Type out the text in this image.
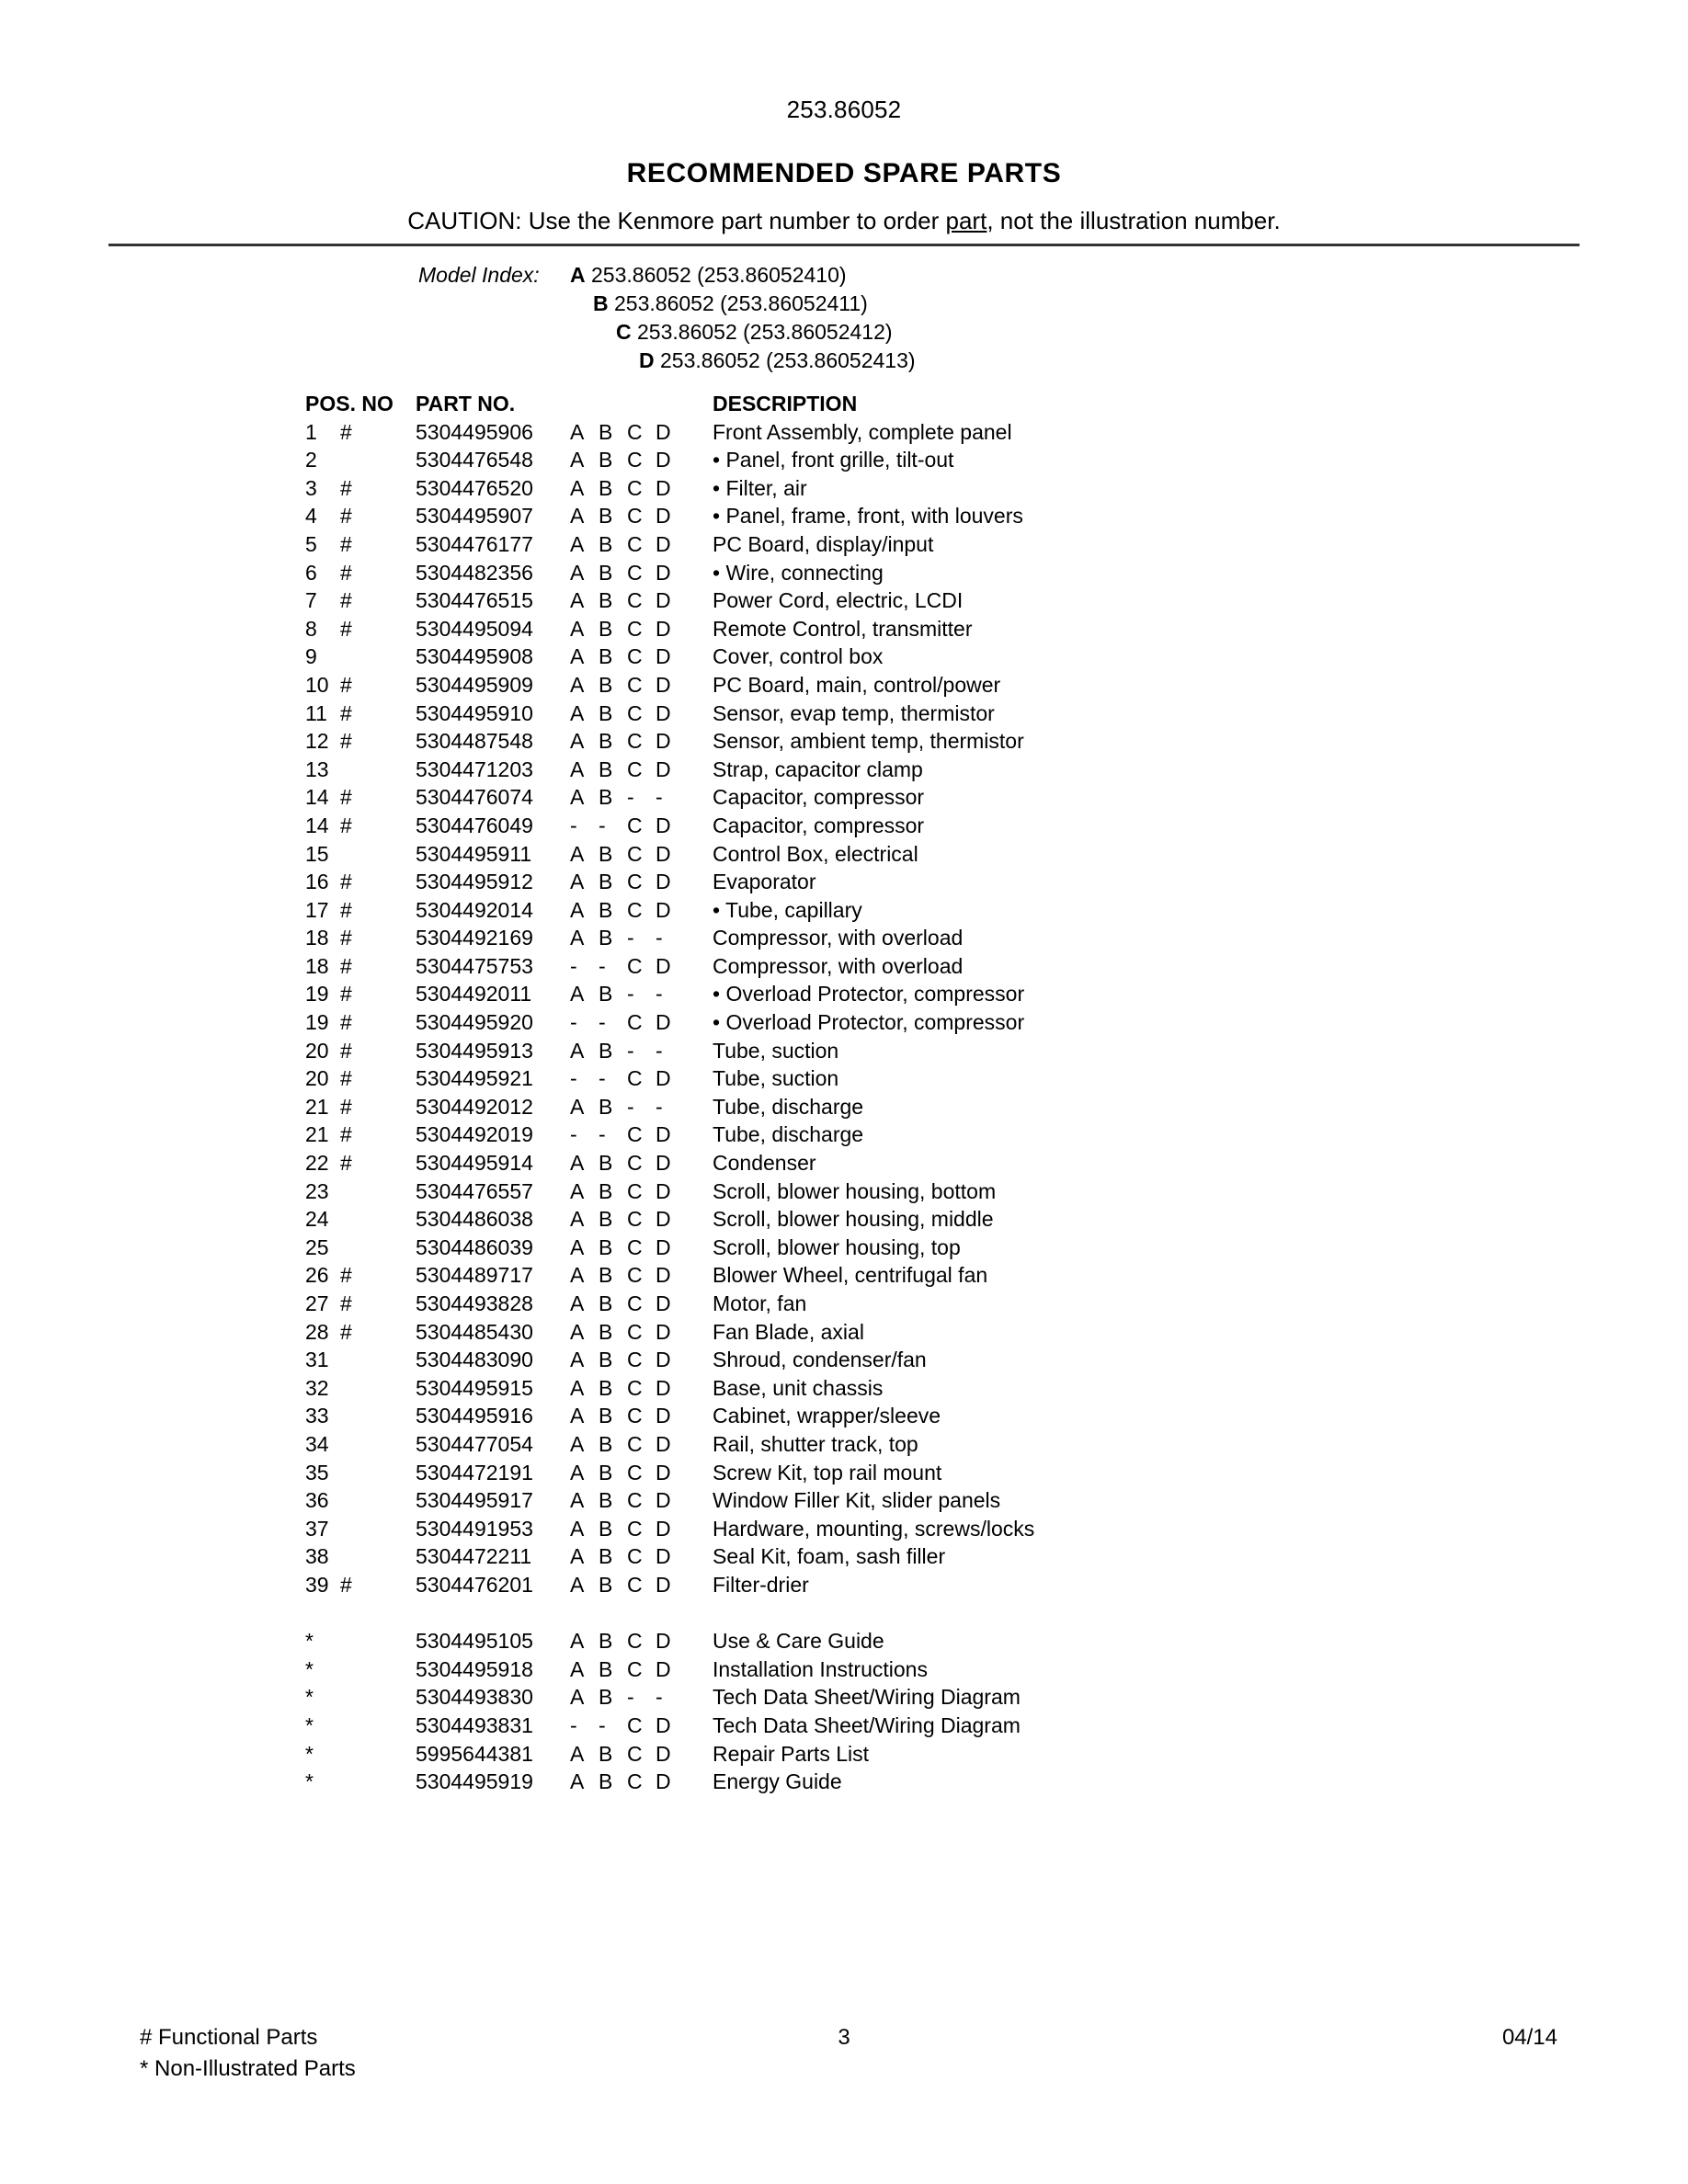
253.86052
RECOMMENDED SPARE PARTS
CAUTION: Use the Kenmore part number to order part, not the illustration number.
Model Index: A 253.86052 (253.86052410)
B 253.86052 (253.86052411)
C 253.86052 (253.86052412)
D 253.86052 (253.86052413)
POS. NO	PART NO.	DESCRIPTION
1 #	5304495906	A B C D	Front Assembly, complete panel
2	5304476548	A B C D	• Panel, front grille, tilt-out
3 #	5304476520	A B C D	• Filter, air
4 #	5304495907	A B C D	• Panel, frame, front, with louvers
5 #	5304476177	A B C D	PC Board, display/input
6 #	5304482356	A B C D	• Wire, connecting
7 #	5304476515	A B C D	Power Cord, electric, LCDI
8 #	5304495094	A B C D	Remote Control, transmitter
9	5304495908	A B C D	Cover, control box
10 #	5304495909	A B C D	PC Board, main, control/power
11 #	5304495910	A B C D	Sensor, evap temp, thermistor
12 #	5304487548	A B C D	Sensor, ambient temp, thermistor
13	5304471203	A B C D	Strap, capacitor clamp
14 #	5304476074	A B - -	Capacitor, compressor
14 #	5304476049	- - C D	Capacitor, compressor
15	5304495911	A B C D	Control Box, electrical
16 #	5304495912	A B C D	Evaporator
17 #	5304492014	A B C D	• Tube, capillary
18 #	5304492169	A B - -	Compressor, with overload
18 #	5304475753	- - C D	Compressor, with overload
19 #	5304492011	A B - -	• Overload Protector, compressor
19 #	5304495920	- - C D	• Overload Protector, compressor
20 #	5304495913	A B - -	Tube, suction
20 #	5304495921	- - C D	Tube, suction
21 #	5304492012	A B - -	Tube, discharge
21 #	5304492019	- - C D	Tube, discharge
22 #	5304495914	A B C D	Condenser
23	5304476557	A B C D	Scroll, blower housing, bottom
24	5304486038	A B C D	Scroll, blower housing, middle
25	5304486039	A B C D	Scroll, blower housing, top
26 #	5304489717	A B C D	Blower Wheel, centrifugal fan
27 #	5304493828	A B C D	Motor, fan
28 #	5304485430	A B C D	Fan Blade, axial
31	5304483090	A B C D	Shroud, condenser/fan
32	5304495915	A B C D	Base, unit chassis
33	5304495916	A B C D	Cabinet, wrapper/sleeve
34	5304477054	A B C D	Rail, shutter track, top
35	5304472191	A B C D	Screw Kit, top rail mount
36	5304495917	A B C D	Window Filler Kit, slider panels
37	5304491953	A B C D	Hardware, mounting, screws/locks
38	5304472211	A B C D	Seal Kit, foam, sash filler
39 #	5304476201	A B C D	Filter-drier
*	5304495105	A B C D	Use & Care Guide
*	5304495918	A B C D	Installation Instructions
*	5304493830	A B - -	Tech Data Sheet/Wiring Diagram
*	5304493831	- - C D	Tech Data Sheet/Wiring Diagram
*	5995644381	A B C D	Repair Parts List
*	5304495919	A B C D	Energy Guide
# Functional Parts
* Non-Illustrated Parts
3	04/14
